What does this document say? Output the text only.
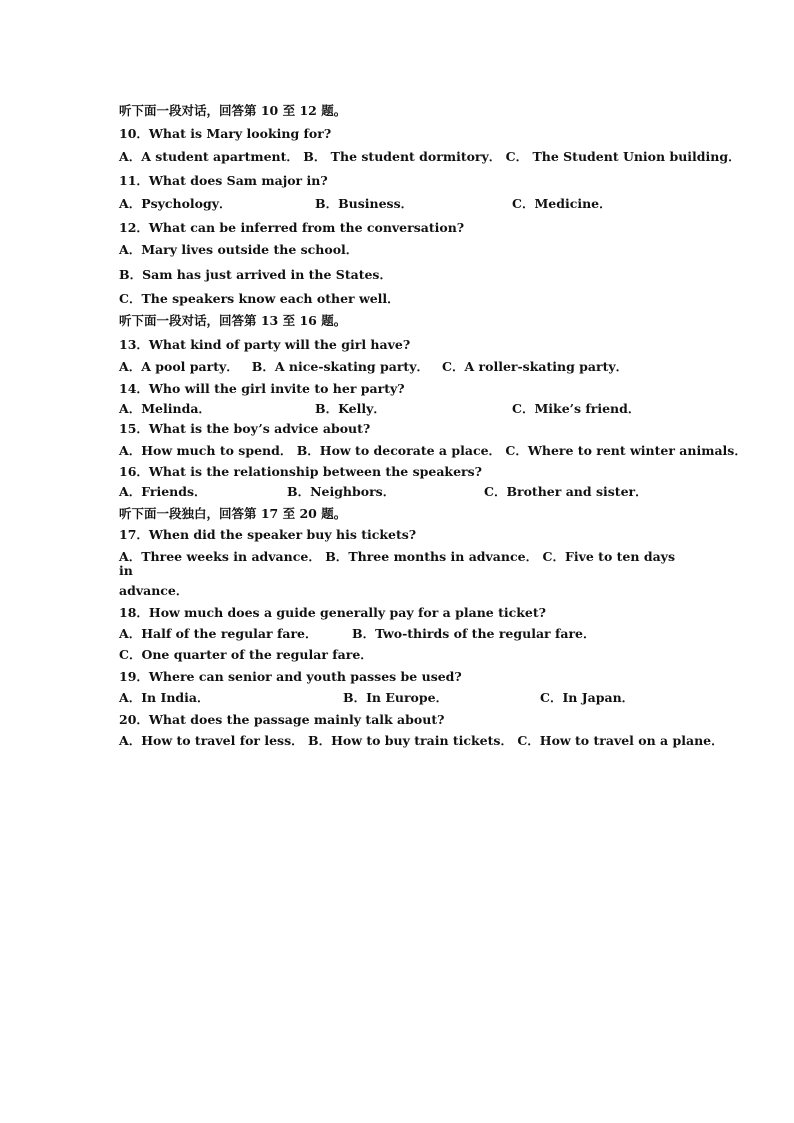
听下面一段对话，回答第 10 至 12 题。
10．What is Mary looking for?
A．A student apartment． B． The student dormitory． C． The Student Union building．
11．What does Sam major in?
A．Psychology．	B．Business．	C．Medicine．
12．What can be inferred from the conversation?
A．Mary lives outside the school．
B．Sam has just arrived in the States．
C．The speakers know each other well．
听下面一段对话，回答第 13 至 16 题。
13．What kind of party will the girl have?
A．A pool party． B．A nice-skating party． C．A roller-skating party．
14．Who will the girl invite to her party?
A．Melinda．	B．Kelly．	C．Mike’s friend．
15．What is the boy’s advice about?
A．How much to spend． B．How to decorate a place． C．Where to rent winter animals．
16．What is the relationship between the speakers?
A．Friends．	B．Neighbors．	C．Brother and sister．
听下面一段独白，回答第 17 至 20 题。
17．When did the speaker buy his tickets?
A．Three weeks in advance． B．Three months in advance． C．Five to ten days in
advance．
18．How much does a guide generally pay for a plane ticket?
A．Half of the regular fare．	B．Two-thirds of the regular fare．
C．One quarter of the regular fare．
19．Where can senior and youth passes be used?
A．In India．	B．In Europe．	C．In Japan．
20．What does the passage mainly talk about?
A．How to travel for less． B．How to buy train tickets． C．How to travel on a plane．
